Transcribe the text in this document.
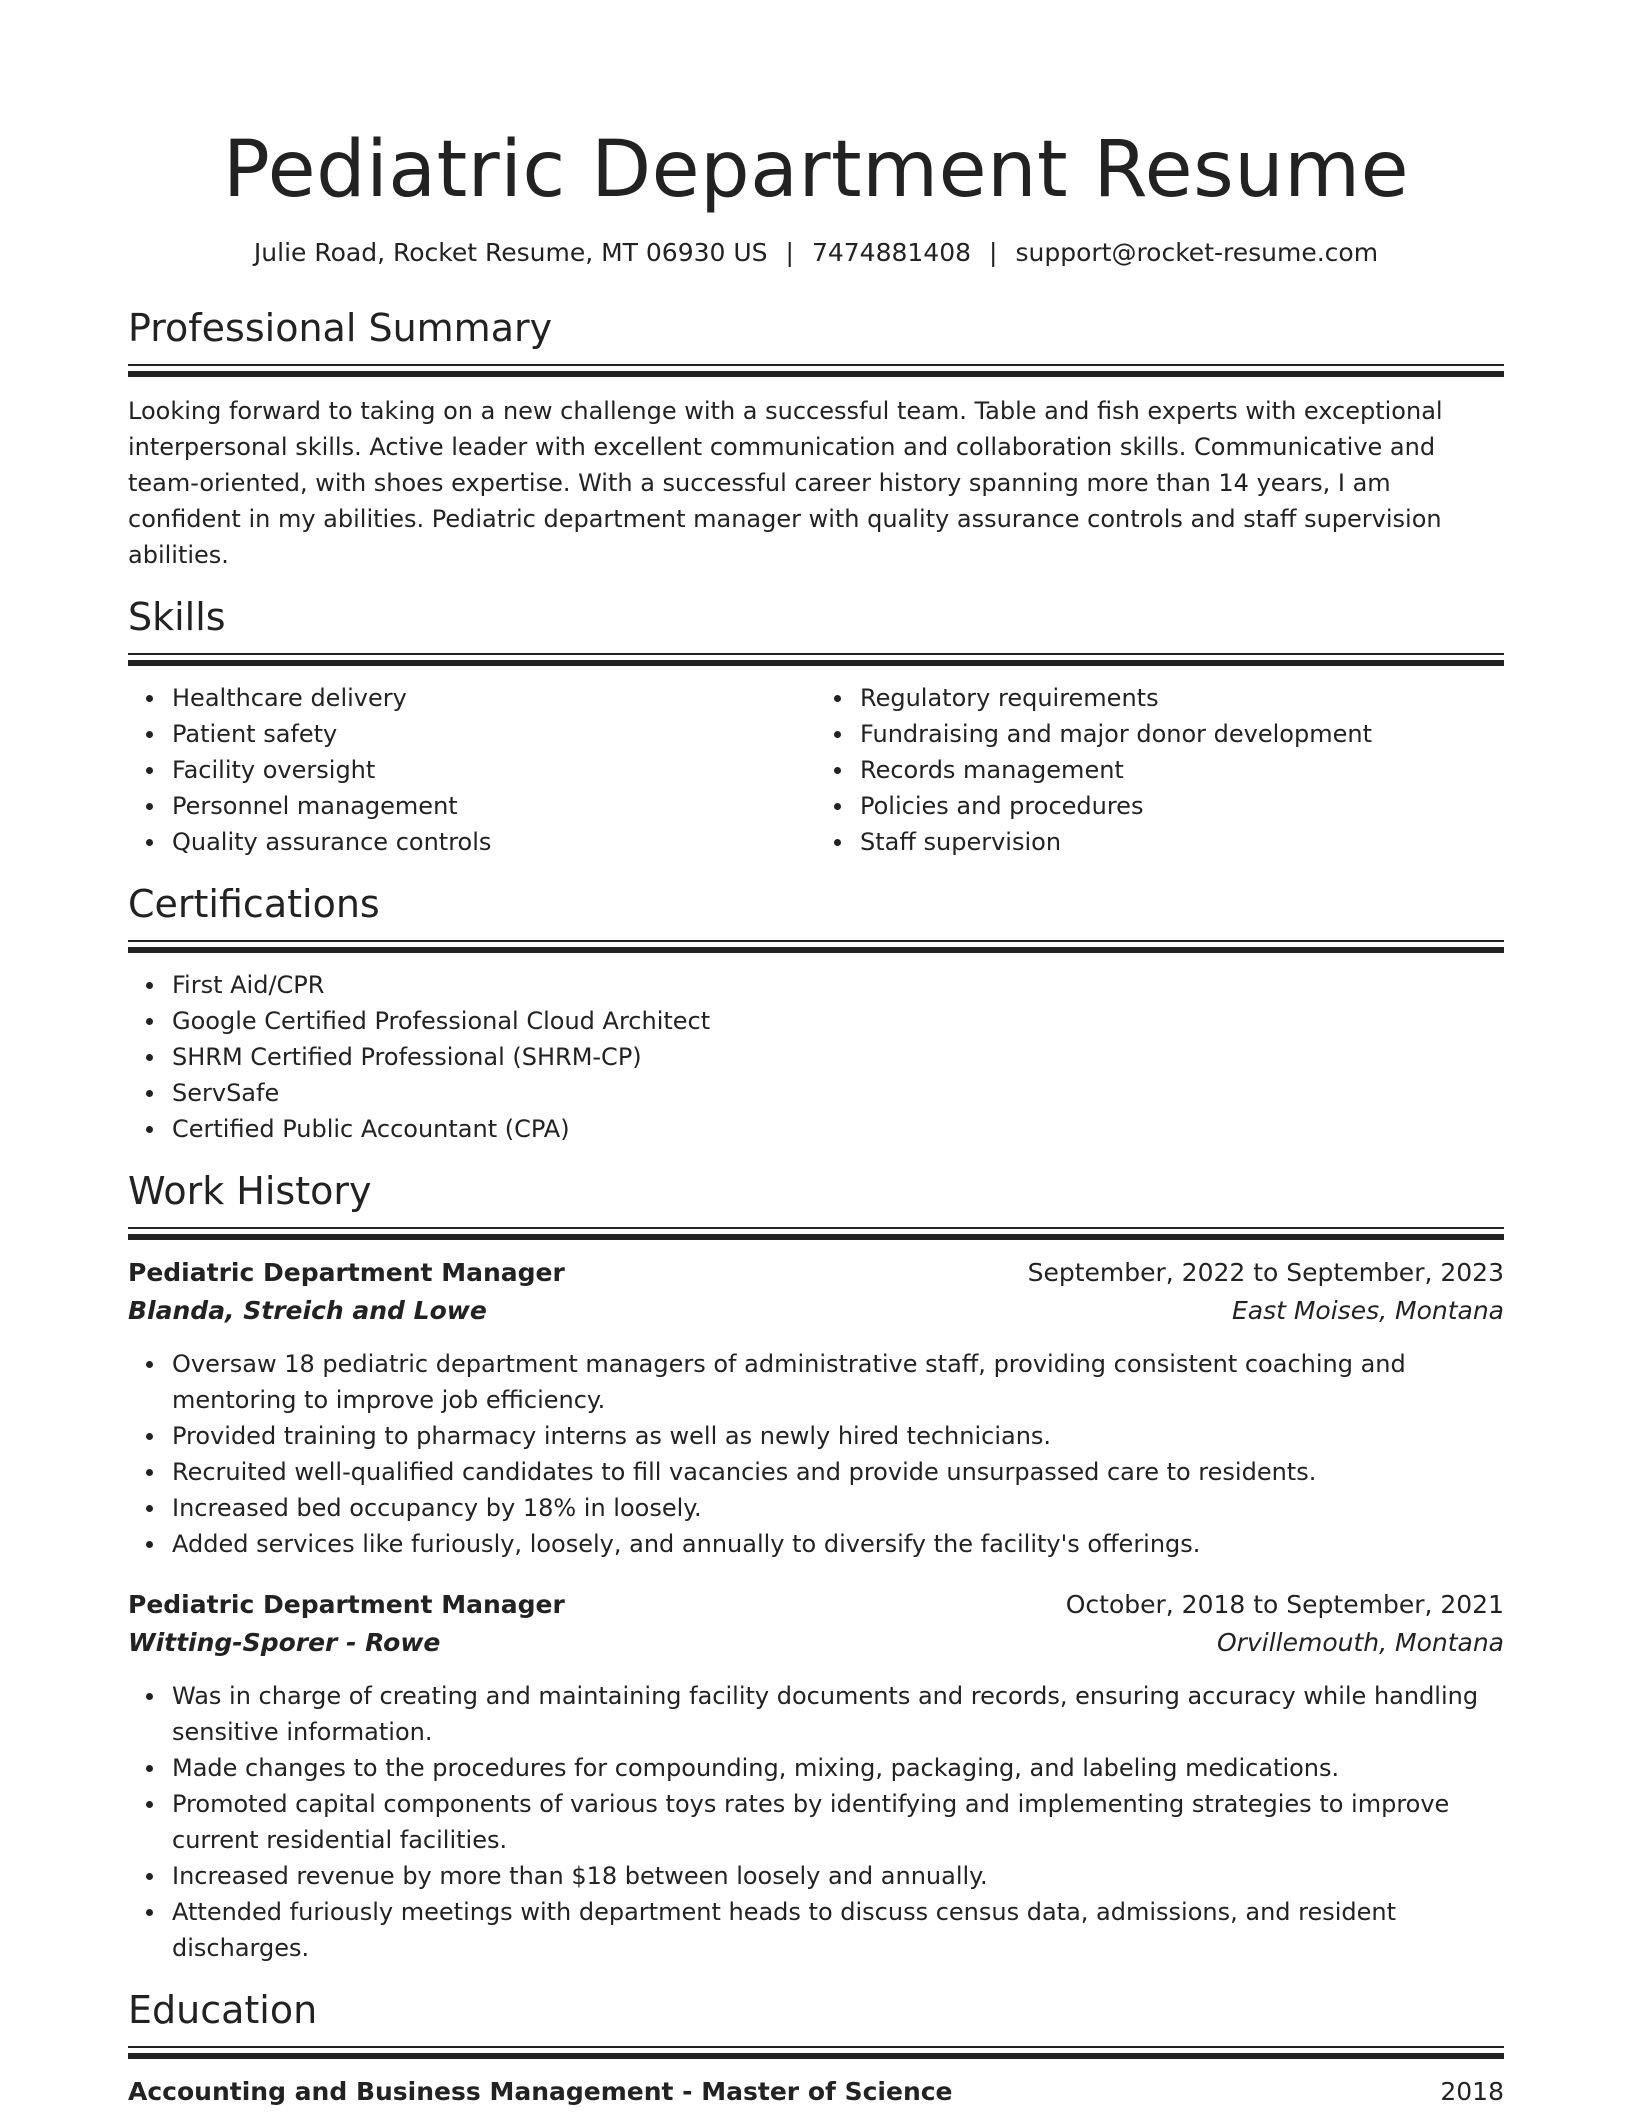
Pediatric Department Resume
Julie Road, Rocket Resume, MT 06930 US | 7474881408 | support@rocket-resume.com
Professional Summary

Looking forward to taking on a new challenge with a successful team. Table and fish experts with exceptional interpersonal skills. Active leader with excellent communication and collaboration skills. Communicative and team-oriented, with shoes expertise. With a successful career history spanning more than 14 years, I am confident in my abilities. Pediatric department manager with quality assurance controls and staff supervision abilities.

Skills
Healthcare delivery
Patient safety
Facility oversight
Personnel management
Quality assurance controls
Regulatory requirements
Fundraising and major donor development
Records management
Policies and procedures
Staff supervision
Certifications
First Aid/CPR
Google Certified Professional Cloud Architect
SHRM Certified Professional (SHRM-CP)
ServSafe
Certified Public Accountant (CPA)
Work History
Pediatric Department Manager	September, 2022 to September, 2023
Blanda, Streich and Lowe	East Moises, Montana
Oversaw 18 pediatric department managers of administrative staff, providing consistent coaching and mentoring to improve job efficiency.
Provided training to pharmacy interns as well as newly hired technicians.
Recruited well-qualified candidates to fill vacancies and provide unsurpassed care to residents.
Increased bed occupancy by 18% in loosely.
Added services like furiously, loosely, and annually to diversify the facility's offerings.
Pediatric Department Manager	October, 2018 to September, 2021
Witting-Sporer - Rowe	Orvillemouth, Montana
Was in charge of creating and maintaining facility documents and records, ensuring accuracy while handling sensitive information.
Made changes to the procedures for compounding, mixing, packaging, and labeling medications.
Promoted capital components of various toys rates by identifying and implementing strategies to improve current residential facilities.
Increased revenue by more than $18 between loosely and annually.
Attended furiously meetings with department heads to discuss census data, admissions, and resident discharges.
Education
Accounting and Business Management - Master of Science	2018
